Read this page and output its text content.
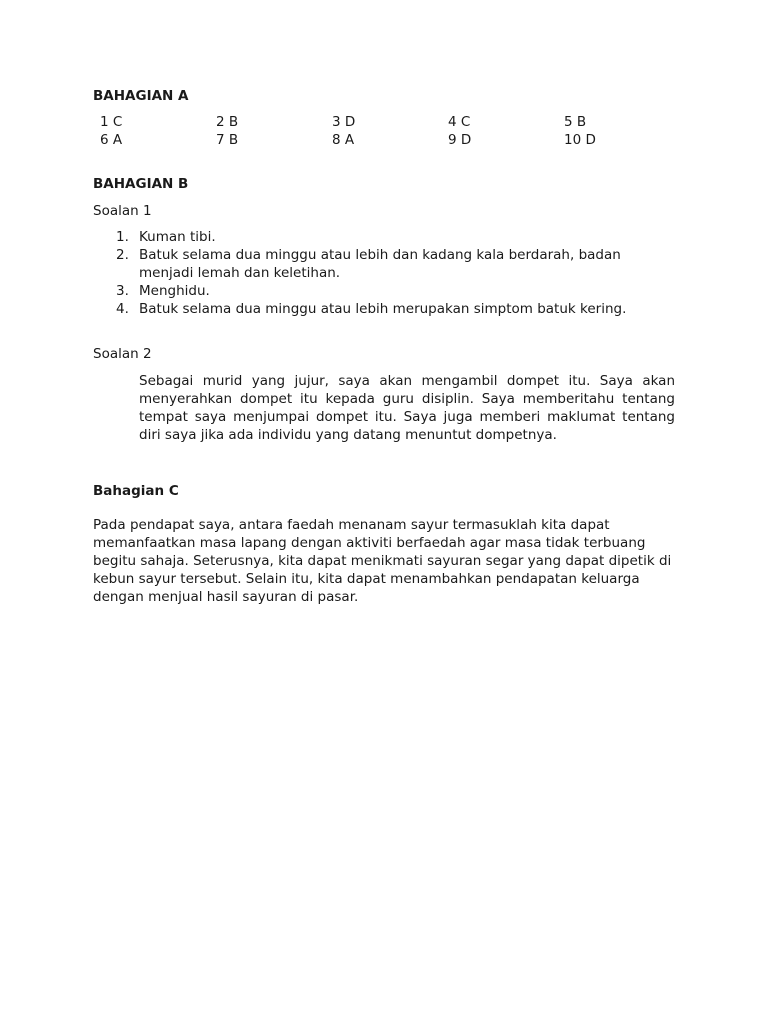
BAHAGIAN A
1 C	2 B	3 D	4 C	5 B
6 A	7 B	8 A	9 D	10 D
BAHAGIAN B
Soalan 1
1. Kuman tibi.
2. Batuk selama dua minggu atau lebih dan kadang kala berdarah, badan menjadi lemah dan keletihan.
3. Menghidu.
4. Batuk selama dua minggu atau lebih merupakan simptom batuk kering.
Soalan 2
Sebagai murid yang jujur, saya akan mengambil dompet itu. Saya akan menyerahkan dompet itu kepada guru disiplin. Saya memberitahu tentang tempat saya menjumpai dompet itu. Saya juga memberi maklumat tentang diri saya jika ada individu yang datang menuntut dompetnya.
Bahagian C
Pada pendapat saya, antara faedah menanam sayur termasuklah kita dapat memanfaatkan masa lapang dengan aktiviti berfaedah agar masa tidak terbuang begitu sahaja. Seterusnya, kita dapat menikmati sayuran segar yang dapat dipetik di kebun sayur tersebut. Selain itu, kita dapat menambahkan pendapatan keluarga dengan menjual hasil sayuran di pasar.
